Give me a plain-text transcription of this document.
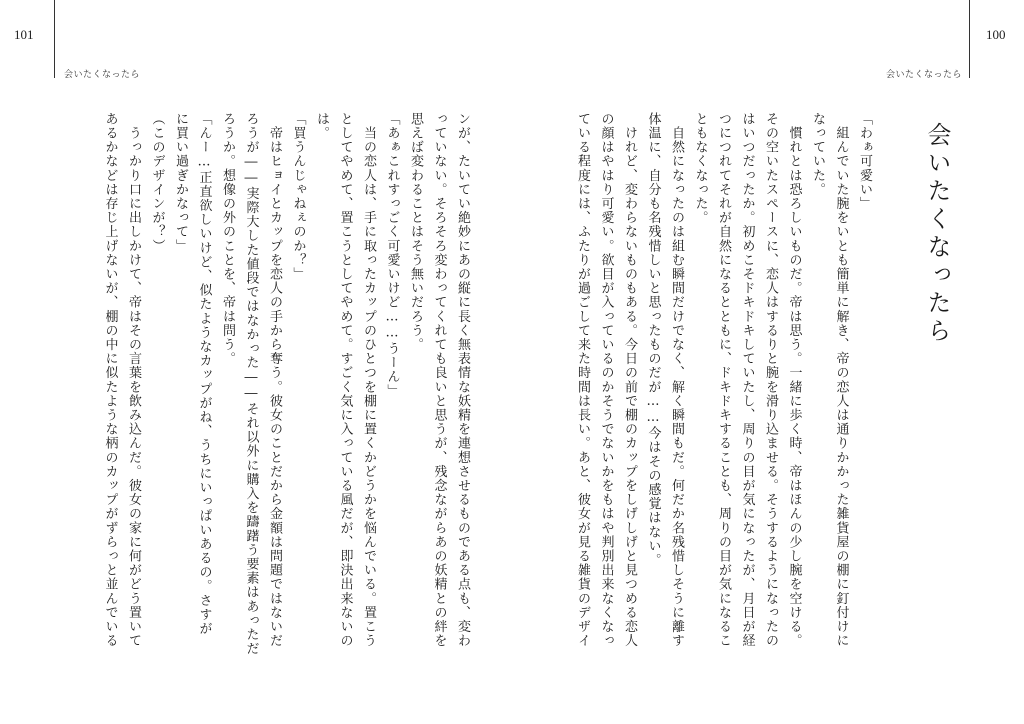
101
会いたくなったら
ンが、たいてい絶妙にあの縦に長く無表情な妖精を連想させるものである点も、変わ
っていない。そろそろ変わってくれても良いと思うが、残念ながらあの妖精との絆を
思えば変わることはそう無いだろう。
「あぁこれすっごく可愛いけど……うーん」
　当の恋人は、手に取ったカップのひとつを棚に置くかどうかを悩んでいる。置こう
としてやめて、置こうとしてやめて。すごく気に入っている風だが、即決出来ないの
は。
「買うんじゃねぇのか？」
　帝はヒョイとカップを恋人の手から奪う。彼女のことだから金額は問題ではないだ
ろうが――実際大した値段ではなかった――それ以外に購入を躊躇う要素はあっただ
ろうか。想像の外のことを、帝は問う。
「んー…正直欲しいけど、似たようなカップがね、うちにいっぱいあるの。さすが
に買い過ぎかなって」
（このデザインが？）
　うっかり口に出しかけて、帝はその言葉を飲み込んだ。彼女の家に何がどう置いて
あるかなどは存じ上げないが、棚の中に似たような柄のカップがずらっと並んでいる
100
会いたくなったら
会いたくなったら
「わぁ可愛い」
　組んでいた腕をいとも簡単に解き、帝の恋人は通りかかった雑貨屋の棚に釘付けに
なっていた。
　慣れとは恐ろしいものだ。帝は思う。一緒に歩く時、帝はほんの少し腕を空ける。
その空いたスペースに、恋人はするりと腕を滑り込ませる。そうするようになったの
はいつだったか。初めこそドキドキしていたし、周りの目が気になったが、月日が経
つにつれてそれが自然になるとともに、ドキドキすることも、周りの目が気になるこ
ともなくなった。
　自然になったのは組む瞬間だけでなく、解く瞬間もだ。何だか名残惜しそうに離す
体温に、自分も名残惜しいと思ったものだが……今はその感覚はない。
　けれど、変わらないものもある。今日の前で棚のカップをしげしげと見つめる恋人
の顔はやはり可愛い。欲目が入っているのかそうでないかをもはや判別出来なくなっ
ている程度には、ふたりが過ごして来た時間は長い。あと、彼女が見る雑貨のデザイ
